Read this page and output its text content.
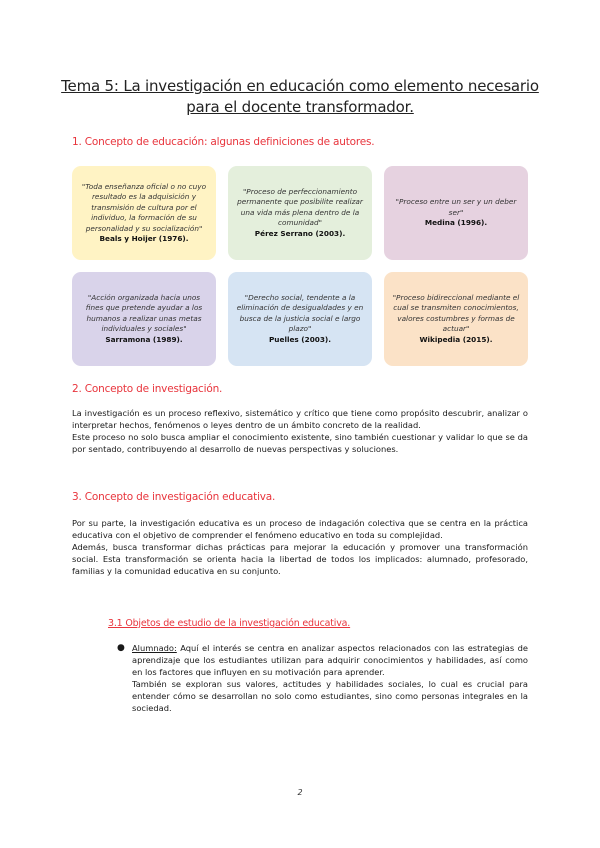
Tema 5: La investigación en educación como elemento necesario
para el docente transformador.
1. Concepto de educación: algunas definiciones de autores.
"Toda enseñanza oficial o no cuyo resultado es la adquisición y transmisión de cultura por el individuo, la formación de su personalidad y su socialización"
Beals y Hoijer (1976).
"Proceso de perfeccionamiento permanente que posibilite realizar una vida más plena dentro de la comunidad"
Pérez Serrano (2003).
"Proceso entre un ser y un deber ser"
Medina (1996).
"Acción organizada hacia unos fines que pretende ayudar a los humanos a realizar unas metas individuales y sociales"
Sarramona (1989).
"Derecho social, tendente a la eliminación de desigualdades y en busca de la justicia social e largo plazo"
Puelles (2003).
"Proceso bidireccional mediante el cual se transmiten conocimientos, valores costumbres y formas de actuar"
Wikipedia (2015).
2. Concepto de investigación.

La investigación es un proceso reflexivo, sistemático y crítico que tiene como propósito descubrir, analizar o interpretar hechos, fenómenos o leyes dentro de un ámbito concreto de la realidad.

Este proceso no solo busca ampliar el conocimiento existente, sino también cuestionar y validar lo que se da por sentado, contribuyendo al desarrollo de nuevas perspectivas y soluciones.

3. Concepto de investigación educativa.

Por su parte, la investigación educativa es un proceso de indagación colectiva que se centra en la práctica educativa con el objetivo de comprender el fenómeno educativo en toda su complejidad.

Además, busca transformar dichas prácticas para mejorar la educación y promover una transformación social. Esta transformación se orienta hacia la libertad de todos los implicados: alumnado, profesorado, familias y la comunidad educativa en su conjunto.

3.1 Objetos de estudio de la investigación educativa.
● Alumnado: Aquí el interés se centra en analizar aspectos relacionados con las estrategias de aprendizaje que los estudiantes utilizan para adquirir conocimientos y habilidades, así como en los factores que influyen en su motivación para aprender.

También se exploran sus valores, actitudes y habilidades sociales, lo cual es crucial para entender cómo se desarrollan no solo como estudiantes, sino como personas integrales en la sociedad.

2
